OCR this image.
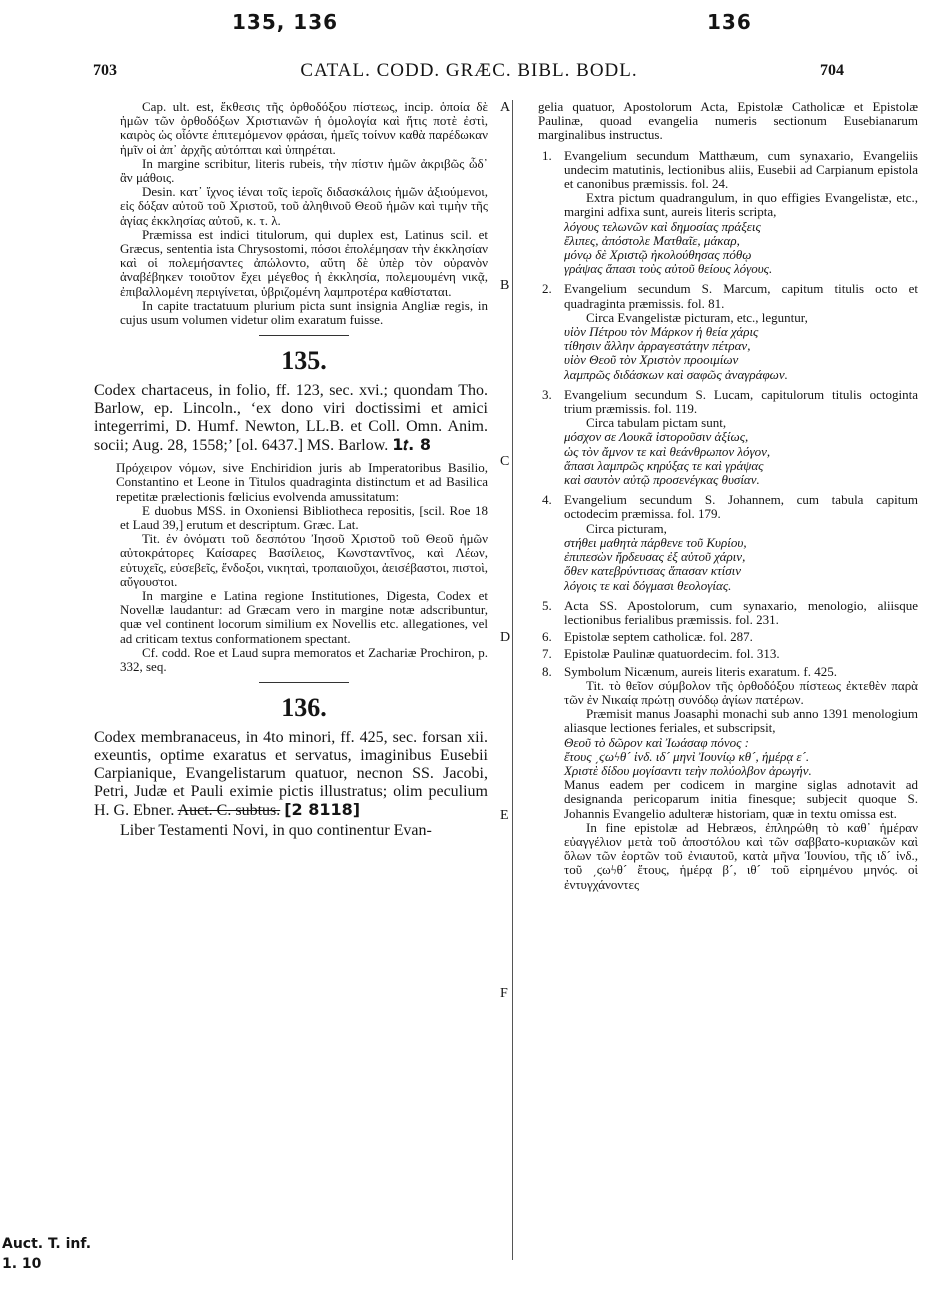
135, 136	136
703	CATAL. CODD. GRÆC. BIBL. BODL.	704
Auct. T. inf.
1. 10
A
B
C
D
E
F

Cap. ult. est, ἔκθεσις τῆς ὀρθοδόξου πίστεως, incip. ὁποία δὲ ἡμῶν τῶν ὀρθοδόξων Χριστιανῶν ἡ ὁμολογία καὶ ἥτις ποτὲ ἐστὶ, καιρὸς ὡς οἷόντε ἐπιτεμόμενον φράσαι, ἡμεῖς τοίνυν καθὰ παρέδωκαν ἡμῖν οἱ ἀπ᾽ ἀρχῆς αὐτόπται καὶ ὑπηρέται.

In margine scribitur, literis rubeis, τὴν πίστιν ἡμῶν ἀκριβῶς ὧδ᾽ ἂν μάθοις.

Desin. κατ᾽ ἴχνος ἱέναι τοῖς ἱεροῖς διδασκάλοις ἡμῶν ἀξιούμενοι, εἰς δόξαν αὐτοῦ τοῦ Χριστοῦ, τοῦ ἀληθινοῦ Θεοῦ ἡμῶν καὶ τιμὴν τῆς ἁγίας ἐκκλησίας αὐτοῦ, κ. τ. λ.

Præmissa est indici titulorum, qui duplex est, Latinus scil. et Græcus, sententia ista Chrysostomi, πόσοι ἐπολέμησαν τὴν ἐκκλησίαν καὶ οἱ πολεμήσαντες ἀπώλοντο, αὕτη δὲ ὑπὲρ τὸν οὐρανὸν ἀναβέβηκεν τοιοῦτον ἔχει μέγεθος ἡ ἐκκλησία, πολεμουμένη νικᾷ, ἐπιβαλλομένη περιγίνεται, ὑβριζομένη λαμπροτέρα καθίσταται.

In capite tractatuum plurium picta sunt insignia Angliæ regis, in cujus usum volumen videtur olim exaratum fuisse.

135.

Codex chartaceus, in folio, ff. 123, sec. xvi.; quondam Tho. Barlow, ep. Lincoln., ‘ex dono viri doctissimi et amici integerrimi, D. Humf. Newton, LL.B. et Coll. Omn. Anim. socii; Aug. 28, 1558;’ [ol. 6437.] MS. Barlow. 1𝑡. 8

Πρόχειρον νόμων, sive Enchiridion juris ab Imperatoribus Basilio, Constantino et Leone in Titulos quadraginta distinctum et ad Basilica repetitæ prælectionis fœlicius evolvenda amussitatum:

E duobus MSS. in Oxoniensi Bibliotheca repositis, [scil. Roe 18 et Laud 39,] erutum et descriptum. Græc. Lat.

Tit. ἐν ὀνόματι τοῦ δεσπότου Ἰησοῦ Χριστοῦ τοῦ Θεοῦ ἡμῶν αὐτοκράτορες Καίσαρες Βασίλειος, Κωνσταντῖνος, καὶ Λέων, εὐτυχεῖς, εὐσεβεῖς, ἔνδοξοι, νικηταὶ, τροπαιοῦχοι, ἀεισέβαστοι, πιστοὶ, αὔγουστοι.

In margine e Latina regione Institutiones, Digesta, Codex et Novellæ laudantur: ad Græcam vero in margine notæ adscribuntur, quæ vel continent locorum similium ex Novellis etc. allegationes, vel ad criticam textus conformationem spectant.

Cf. codd. Roe et Laud supra memoratos et Zachariæ Prochiron, p. 332, seq.

136.

Codex membranaceus, in 4to minori, ff. 425, sec. forsan xii. exeuntis, optime exaratus et servatus, imaginibus Eusebii Carpianique, Evangelistarum quatuor, necnon SS. Jacobi, Petri, Judæ et Pauli eximie pictis illustratus; olim peculium H. G. Ebner. Auct. C. subtus. [2 8118]

Liber Testamenti Novi, in quo continentur Evan-

gelia quatuor, Apostolorum Acta, Epistolæ Catholicæ et Epistolæ Paulinæ, quoad evangelia numeris sectionum Eusebianarum marginalibus instructus.

1. Evangelium secundum Matthæum, cum synaxario, Evangeliis undecim matutinis, lectionibus aliis, Eusebii ad Carpianum epistola et canonibus præmissis. fol. 24.

Extra pictum quadrangulum, in quo effigies Evangelistæ, etc., margini adfixa sunt, aureis literis scripta,

λόγους τελωνῶν καὶ δημοσίας πράξεις

ἔλιπες, ἀπόστολε Ματθαῖε, μάκαρ,

μόνῳ δὲ Χριστῷ ἠκολούθησας πόθῳ

γράψας ἅπασι τοὺς αὐτοῦ θείους λόγους.

2. Evangelium secundum S. Marcum, capitum titulis octo et quadraginta præmissis. fol. 81.

Circa Evangelistæ picturam, etc., leguntur,

υἱὸν Πέτρου τὸν Μάρκον ἡ θεία χάρις

τίθησιν ἄλλην ἀρραγεστάτην πέτραν,

υἱὸν Θεοῦ τὸν Χριστὸν προοιμίων

λαμπρῶς διδάσκων καὶ σαφῶς ἀναγράφων.

3. Evangelium secundum S. Lucam, capitulorum titulis octoginta trium præmissis. fol. 119.

Circa tabulam pictam sunt,

μόσχον σε Λουκᾶ ἱστοροῦσιν ἀξίως,

ὡς τὸν ἄμνον τε καὶ θεάνθρωπον λόγον,

ἅπασι λαμπρῶς κηρύξας τε καὶ γράψας

καὶ σαυτὸν αὐτῷ προσενέγκας θυσίαν.

4. Evangelium secundum S. Johannem, cum tabula capitum octodecim præmissa. fol. 179.

Circa picturam,

στήθει μαθητὰ πάρθενε τοῦ Κυρίου,

ἐπιπεσὼν ἤρδευσας ἐξ αὐτοῦ χάριν,

ὅθεν κατεβρύντισας ἅπασαν κτίσιν

λόγοις τε καὶ δόγμασι θεολογίας.

5. Acta SS. Apostolorum, cum synaxario, menologio, aliisque lectionibus ferialibus præmissis. fol. 231.

6. Epistolæ septem catholicæ. fol. 287.

7. Epistolæ Paulinæ quatuordecim. fol. 313.

8. Symbolum Nicænum, aureis literis exaratum. f. 425.

Tit. τὸ θεῖον σύμβολον τῆς ὀρθοδόξου πίστεως ἐκτεθὲν παρὰ τῶν ἐν Νικαίᾳ πρώτῃ συνόδῳ ἁγίων πατέρων.

Præmisit manus Joasaphi monachi sub anno 1391 menologium aliasque lectiones feriales, et subscripsit,

Θεοῦ τὸ δῶρον καὶ Ἰωάσαφ πόνος :

ἔτους ͵ϛωϟθ´ ἰνδ. ιδ´ μηνὶ Ἰουνίῳ κθ´, ἡμέρᾳ ε´.

Χριστὲ δίδου μογίσαντι τεὴν πολύολβον ἀρωγήν.

Manus eadem per codicem in margine siglas adnotavit ad designanda pericoparum initia finesque; subjecit quoque S. Johannis Evangelio adulteræ historiam, quæ in textu omissa est.

In fine epistolæ ad Hebræos, ἐπληρώθη τὸ καθ᾽ ἡμέραν εὐαγγέλιον μετὰ τοῦ ἀποστόλου καὶ τῶν σαββατο-κυριακῶν καὶ ὅλων τῶν ἑορτῶν τοῦ ἐνιαυτοῦ, κατὰ μῆνα Ἰουνίου, τῆς ιδ´ ἰνδ., τοῦ ͵ϛωϟθ´ ἔτους, ἡμέρᾳ β´, ιθ´ τοῦ εἰρημένου μηνός. οἱ ἐντυγχάνοντες
